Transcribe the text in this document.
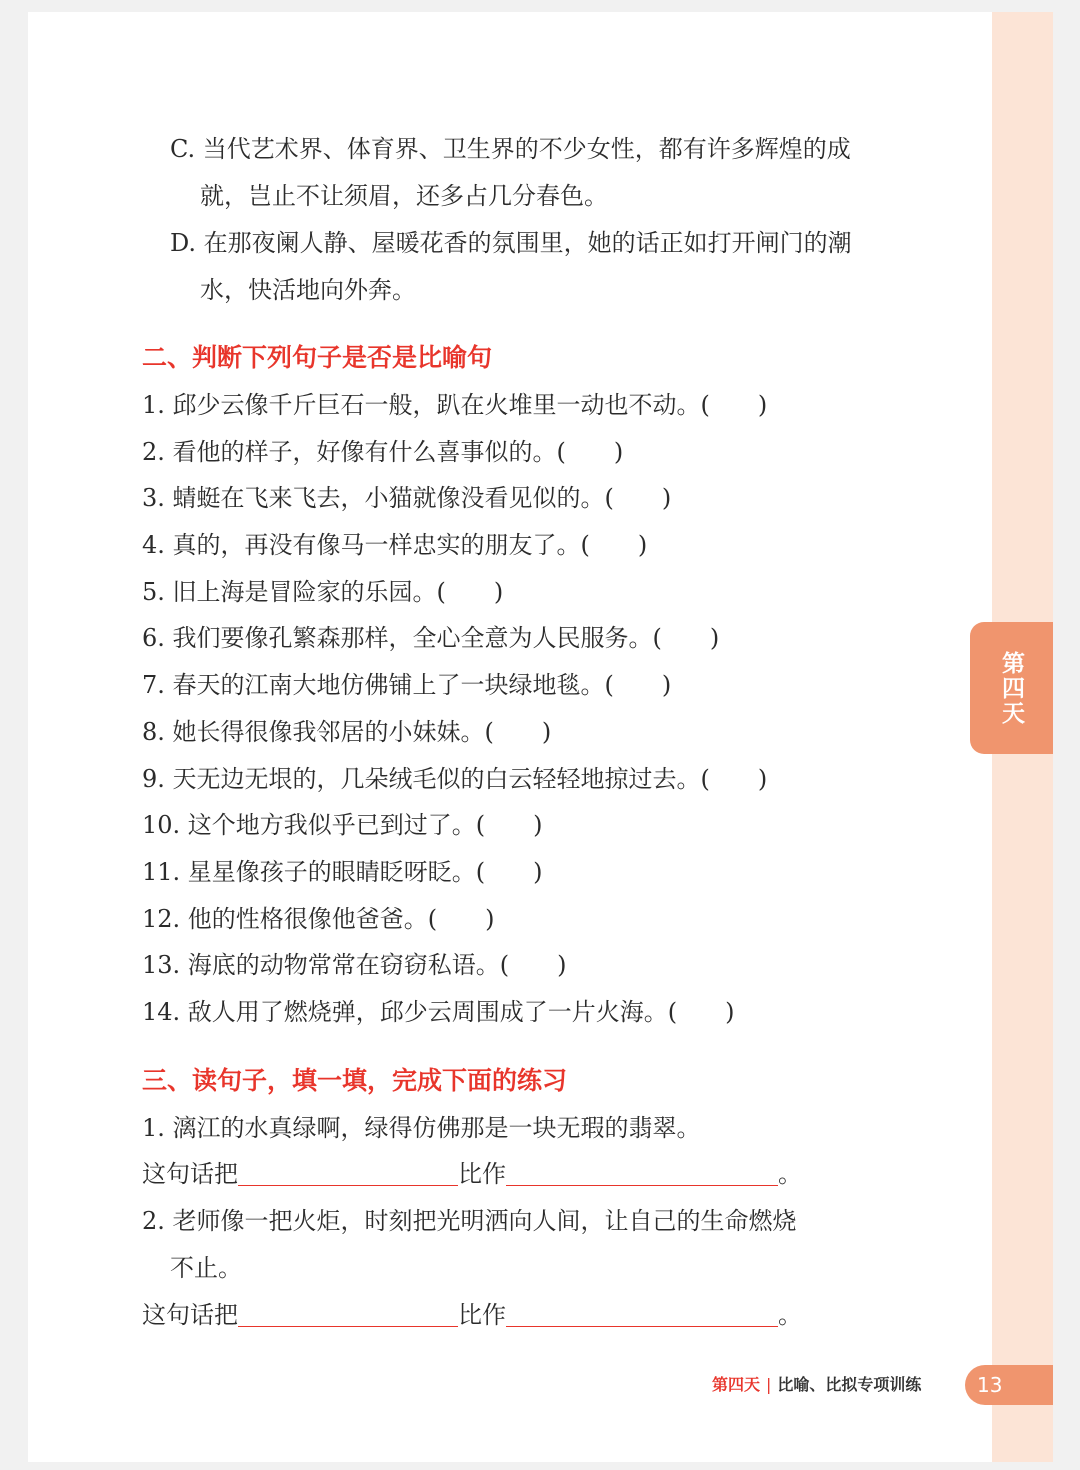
第四天
C. 当代艺术界、体育界、卫生界的不少女性，都有许多辉煌的成
就，岂止不让须眉，还多占几分春色。
D. 在那夜阑人静、屋暖花香的氛围里，她的话正如打开闸门的潮
水，快活地向外奔。
二、判断下列句子是否是比喻句
1. 邱少云像千斤巨石一般，趴在火堆里一动也不动。(　　)
2. 看他的样子，好像有什么喜事似的。(　　)
3. 蜻蜓在飞来飞去，小猫就像没看见似的。(　　)
4. 真的，再没有像马一样忠实的朋友了。(　　)
5. 旧上海是冒险家的乐园。(　　)
6. 我们要像孔繁森那样，全心全意为人民服务。(　　)
7. 春天的江南大地仿佛铺上了一块绿地毯。(　　)
8. 她长得很像我邻居的小妹妹。(　　)
9. 天无边无垠的，几朵绒毛似的白云轻轻地掠过去。(　　)
10. 这个地方我似乎已到过了。(　　)
11. 星星像孩子的眼睛眨呀眨。(　　)
12. 他的性格很像他爸爸。(　　)
13. 海底的动物常常在窃窃私语。(　　)
14. 敌人用了燃烧弹，邱少云周围成了一片火海。(　　)
三、读句子，填一填，完成下面的练习
1. 漓江的水真绿啊，绿得仿佛那是一块无瑕的翡翠。
这句话把	比作	。
2. 老师像一把火炬，时刻把光明洒向人间，让自己的生命燃烧
不止。
这句话把	比作	。
第四天 | 比喻、比拟专项训练	13
